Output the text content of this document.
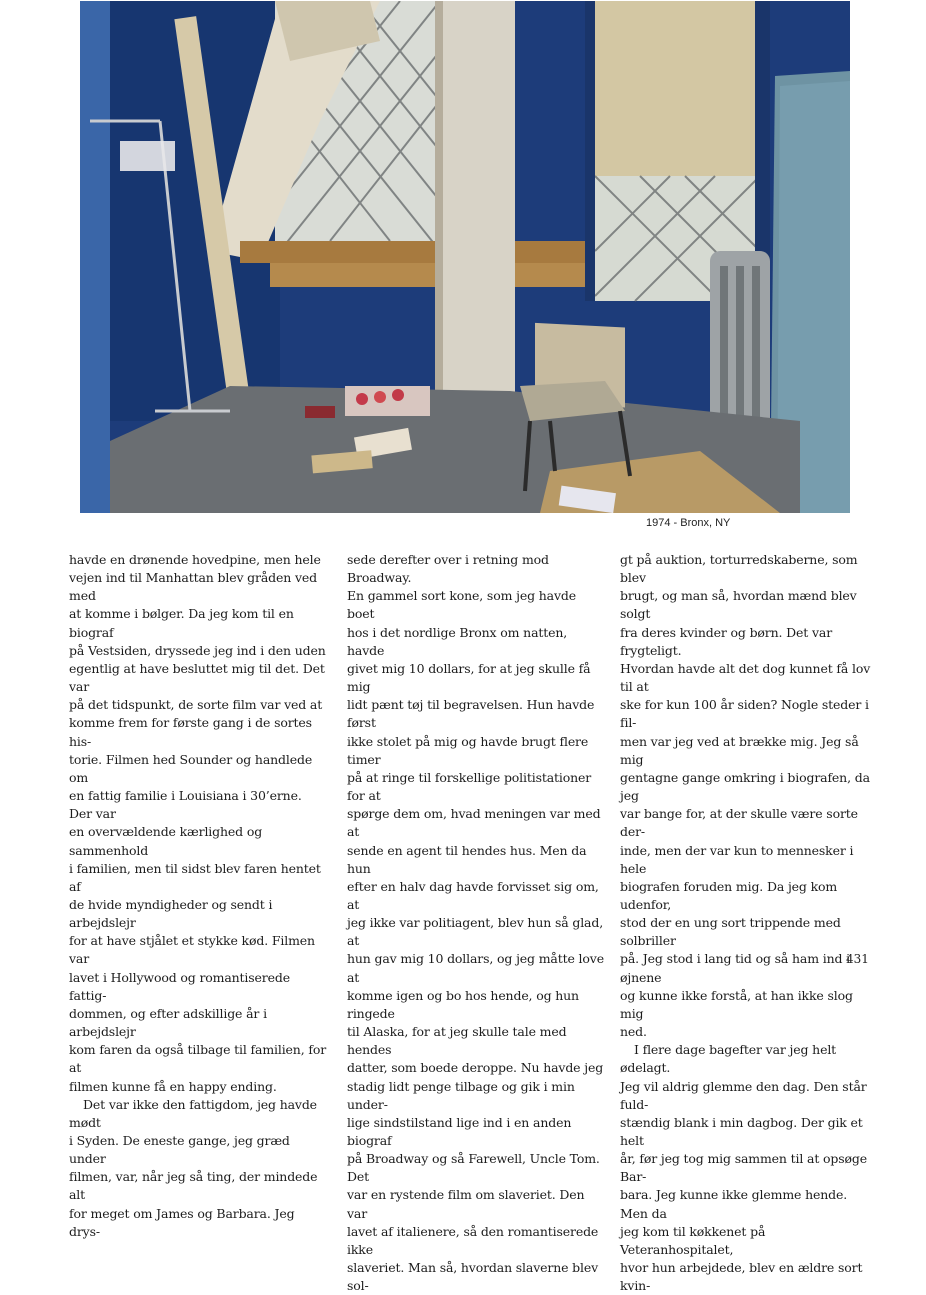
1974 - Bronx, NY

havde en drønende hovedpine, men hele
vejen ind til Manhattan blev gråden ved med
at komme i bølger. Da jeg kom til en biograf
på Vestsiden, dryssede jeg ind i den uden
egentlig at have besluttet mig til det. Det var
på det tidspunkt, de sorte film var ved at
komme frem for første gang i de sortes his-
torie. Filmen hed Sounder og handlede om
en fattig familie i Louisiana i 30’erne. Der var
en overvældende kærlighed og sammenhold
i familien, men til sidst blev faren hentet af
de hvide myndigheder og sendt i arbejdslejr
for at have stjålet et stykke kød. Filmen var
lavet i Hollywood og romantiserede fattig-
dommen, og efter adskillige år i arbejdslejr
kom faren da også tilbage til familien, for at
filmen kunne få en happy ending.

Det var ikke den fattigdom, jeg havde mødt
i Syden. De eneste gange, jeg græd under
filmen, var, når jeg så ting, der mindede alt
for meget om James og Barbara. Jeg drys-

sede derefter over i retning mod Broadway.
En gammel sort kone, som jeg havde boet
hos i det nordlige Bronx om natten, havde
givet mig 10 dollars, for at jeg skulle få mig
lidt pænt tøj til begravelsen. Hun havde først
ikke stolet på mig og havde brugt flere timer
på at ringe til forskellige politistationer for at
spørge dem om, hvad meningen var med at
sende en agent til hendes hus. Men da hun
efter en halv dag havde forvisset sig om, at
jeg ikke var politiagent, blev hun så glad, at
hun gav mig 10 dollars, og jeg måtte love at
komme igen og bo hos hende, og hun ringede
til Alaska, for at jeg skulle tale med hendes
datter, som boede deroppe. Nu havde jeg
stadig lidt penge tilbage og gik i min under-
lige sindstilstand lige ind i en anden biograf
på Broadway og så Farewell, Uncle Tom. Det
var en rystende film om slaveriet. Den var
lavet af italienere, så den romantiserede ikke
slaveriet. Man så, hvordan slaverne blev sol-

gt på auktion, torturredskaberne, som blev
brugt, og man så, hvordan mænd blev solgt
fra deres kvinder og børn. Det var frygteligt.
Hvordan havde alt det dog kunnet få lov til at
ske for kun 100 år siden? Nogle steder i fil-
men var jeg ved at brække mig. Jeg så mig
gentagne gange omkring i biografen, da jeg
var bange for, at der skulle være sorte der-
inde, men der var kun to mennesker i hele
biografen foruden mig. Da jeg kom udenfor,
stod der en ung sort trippende med solbriller
på. Jeg stod i lang tid og så ham ind i øjnene
og kunne ikke forstå, at han ikke slog mig
ned.

I flere dage bagefter var jeg helt ødelagt.
Jeg vil aldrig glemme den dag. Den står fuld-
stændig blank i min dagbog. Der gik et helt
år, før jeg tog mig sammen til at opsøge Bar-
bara. Jeg kunne ikke glemme hende. Men da
jeg kom til køkkenet på Veteranhospitalet,
hvor hun arbejdede, blev en ældre sort kvin-

431
